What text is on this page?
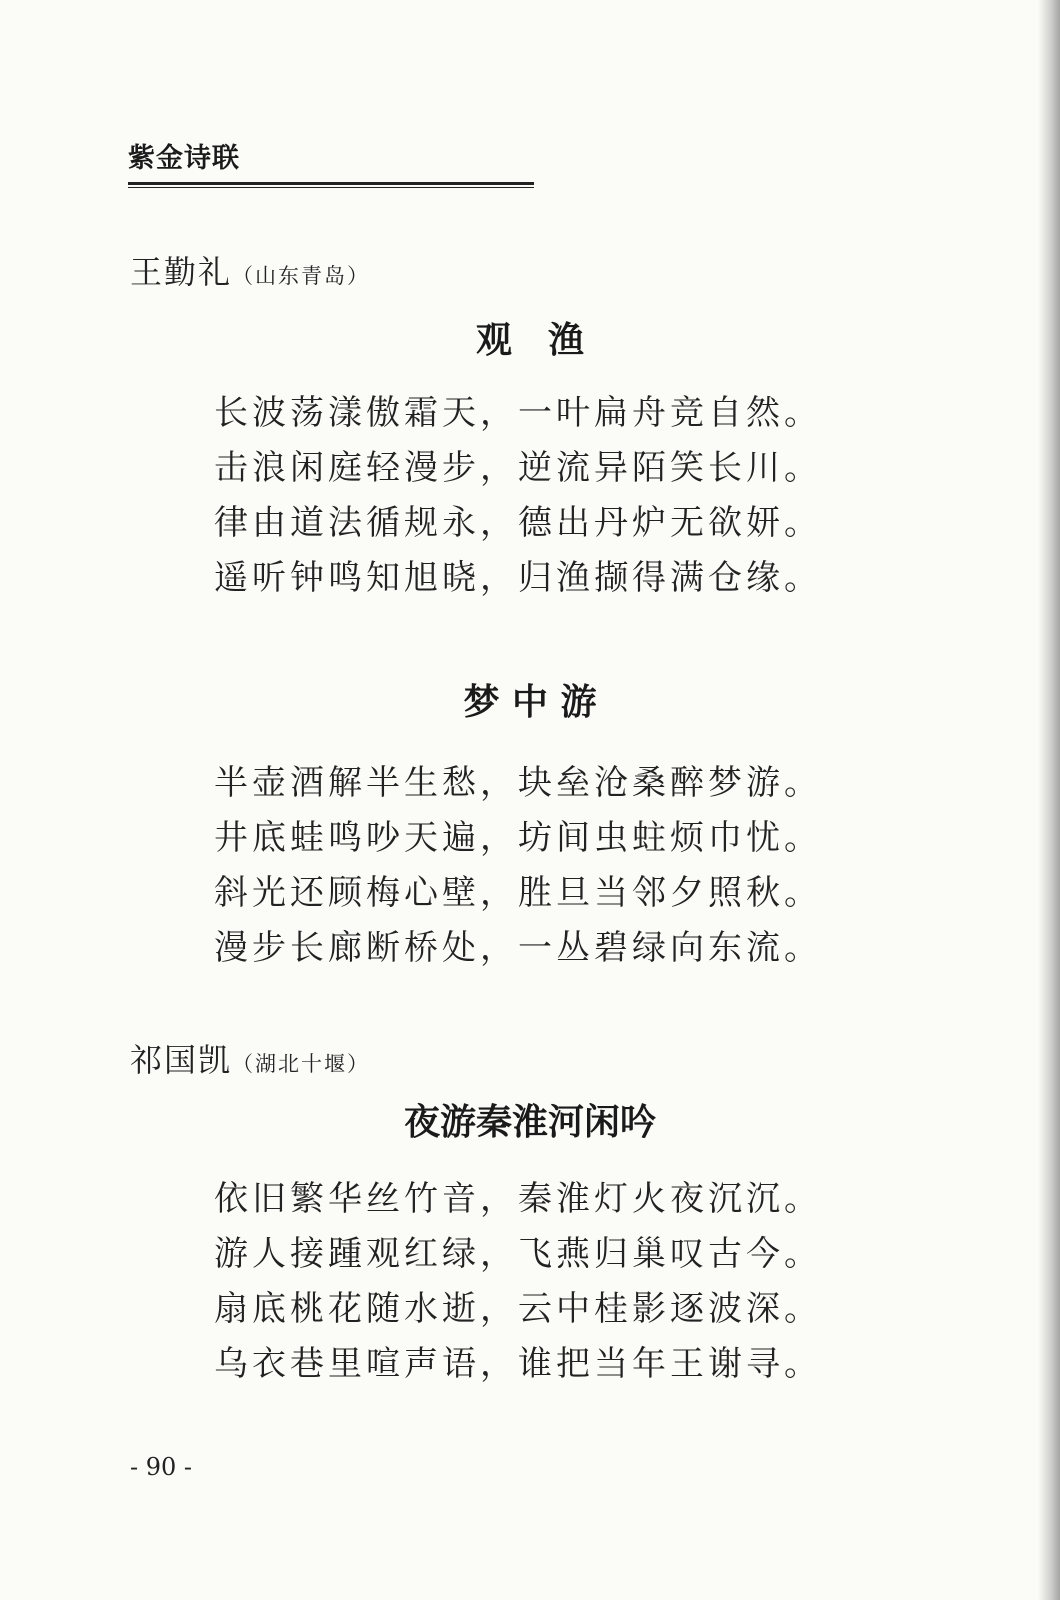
紫金诗联
王勤礼（山东青岛）
观　渔
长波荡漾傲霜天，一叶扁舟竞自然。
击浪闲庭轻漫步，逆流异陌笑长川。
律由道法循规永，德出丹炉无欲妍。
遥听钟鸣知旭晓，归渔撷得满仓缘。
梦 中 游
半壶酒解半生愁，块垒沧桑醉梦游。
井底蛙鸣吵天遍，坊间虫蛀烦巾忧。
斜光还顾梅心壁，胜旦当邻夕照秋。
漫步长廊断桥处，一丛碧绿向东流。
祁国凯（湖北十堰）
夜游秦淮河闲吟
依旧繁华丝竹音，秦淮灯火夜沉沉。
游人接踵观红绿，飞燕归巢叹古今。
扇底桃花随水逝，云中桂影逐波深。
乌衣巷里喧声语，谁把当年王谢寻。
- 90 -
